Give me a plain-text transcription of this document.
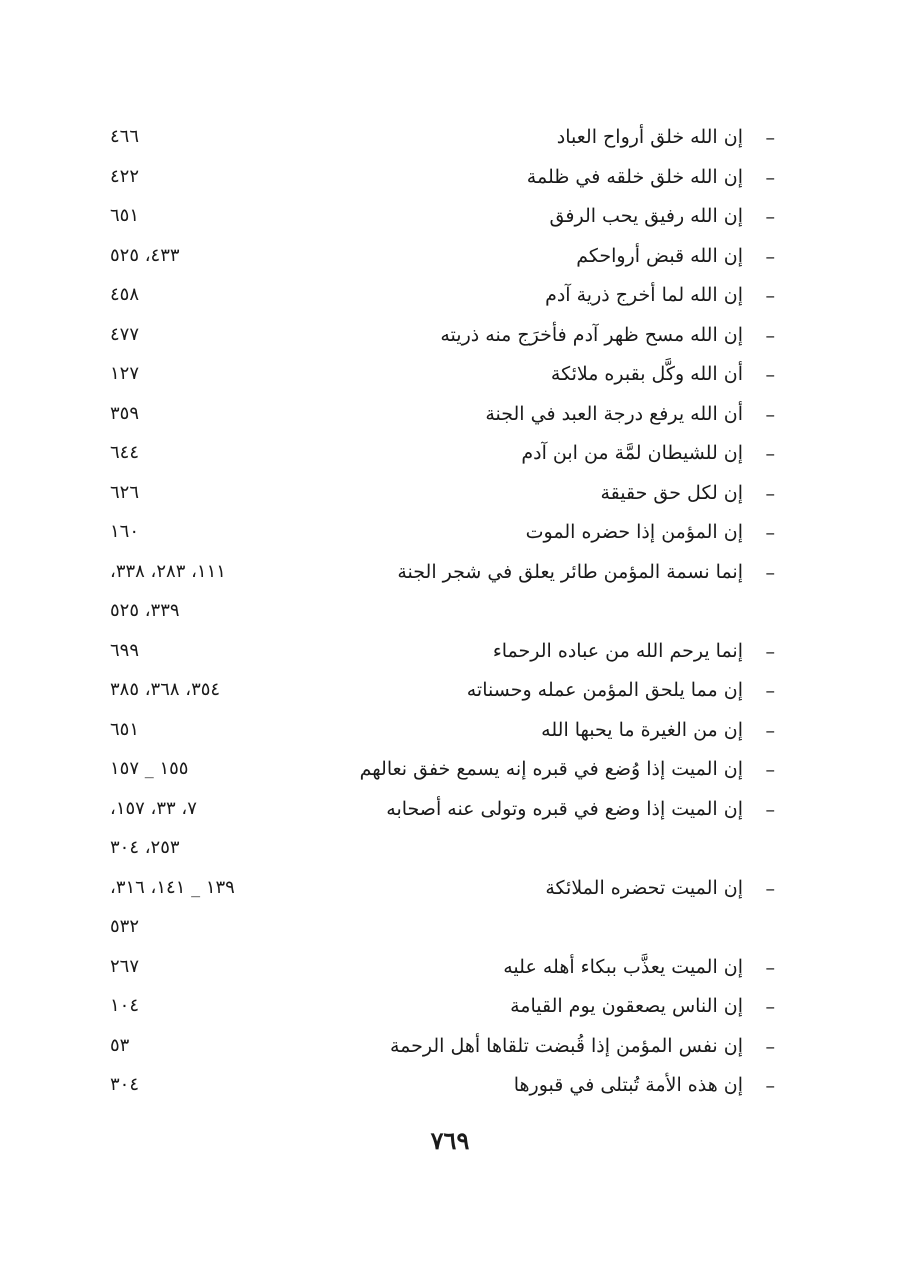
–
إن الله خلق أرواح العباد
٤٦٦
–
إن الله خلق خلقه في ظلمة
٤٢٢
–
إن الله رفيق يحب الرفق
٦٥١
–
إن الله قبض أرواحكم
٤٣٣، ٥٢٥
–
إن الله لما أخرج ذرية آدم
٤٥٨
–
إن الله مسح ظهر آدم فأخرَج منه ذريته
٤٧٧
–
أن الله وكَّل بقبره ملائكة
١٢٧
–
أن الله يرفع درجة العبد في الجنة
٣٥٩
–
إن للشيطان لمَّة من ابن آدم
٦٤٤
–
إن لكل حق حقيقة
٦٢٦
–
إن المؤمن إذا حضره الموت
١٦٠
–
إنما نسمة المؤمن طائر يعلق في شجر الجنة
١١١، ٢٨٣، ٣٣٨،
٣٣٩، ٥٢٥
–
إنما يرحم الله من عباده الرحماء
٦٩٩
–
إن مما يلحق المؤمن عمله وحسناته
٣٥٤، ٣٦٨، ٣٨٥
–
إن من الغيرة ما يحبها الله
٦٥١
–
إن الميت إذا وُضع في قبره إنه يسمع خفق نعالهم
١٥٥ _ ١٥٧
–
إن الميت إذا وضع في قبره وتولى عنه أصحابه
٧، ٣٣، ١٥٧،
٢٥٣، ٣٠٤
–
إن الميت تحضره الملائكة
١٣٩ _ ١٤١، ٣١٦،
٥٣٢
–
إن الميت يعذَّب ببكاء أهله عليه
٢٦٧
–
إن الناس يصعقون يوم القيامة
١٠٤
–
إن نفس المؤمن إذا قُبضت تلقاها أهل الرحمة
٥٣
–
إن هذه الأمة تُبتلى في قبورها
٣٠٤
٧٦٩
